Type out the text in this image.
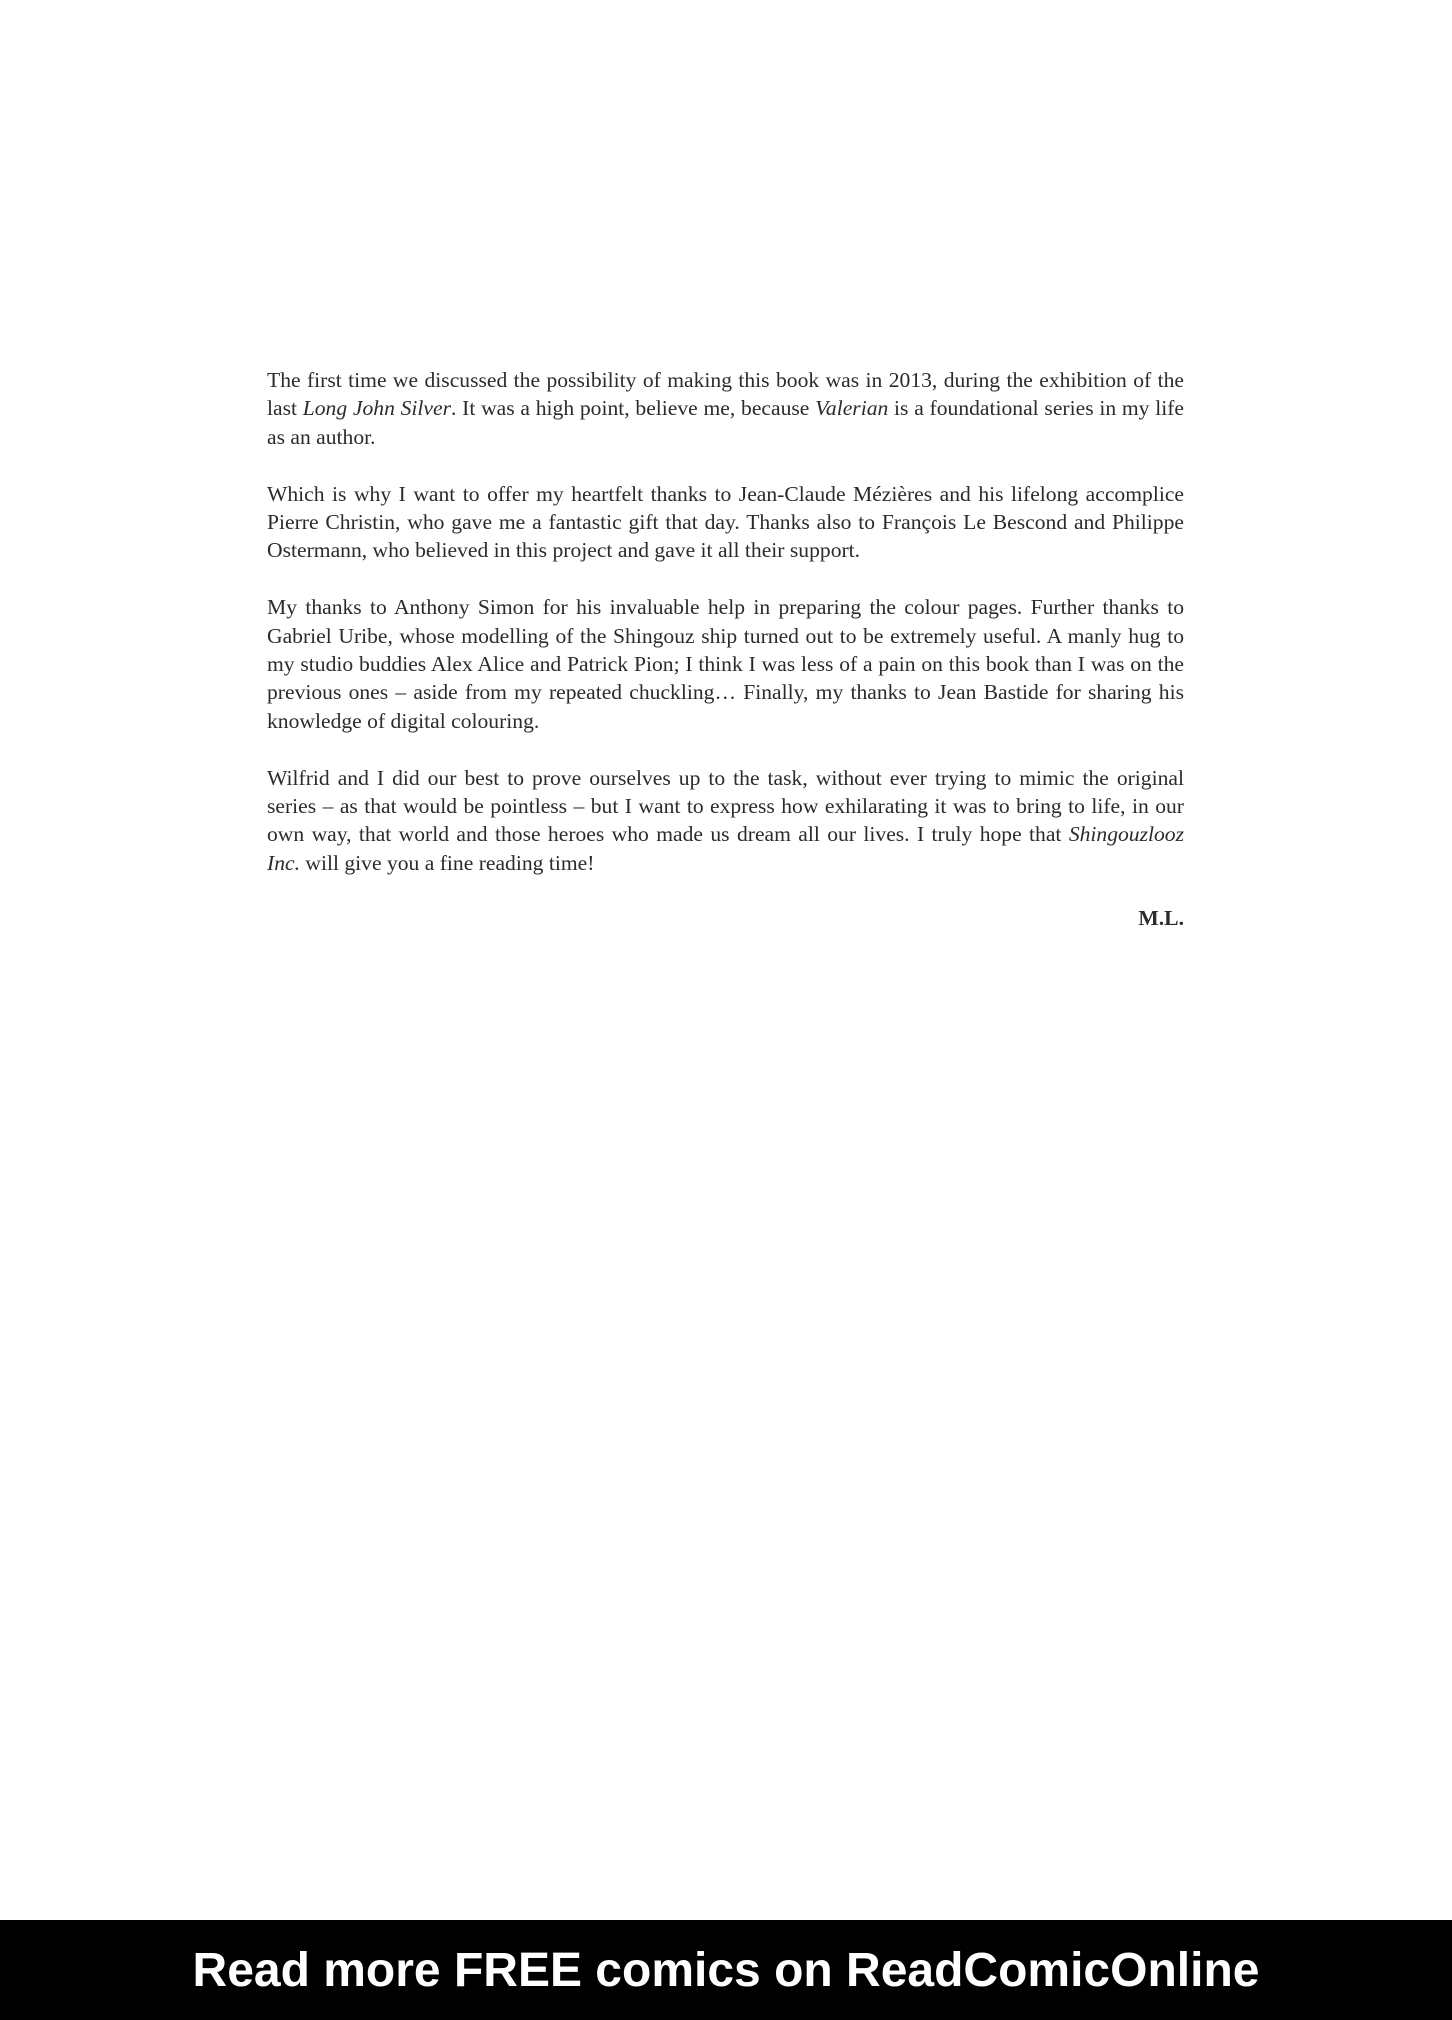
The first time we discussed the possibility of making this book was in 2013, during the exhibition of the last Long John Silver. It was a high point, believe me, because Valerian is a foundational series in my life as an author.

Which is why I want to offer my heartfelt thanks to Jean-Claude Mézières and his lifelong accomplice Pierre Christin, who gave me a fantastic gift that day. Thanks also to François Le Bescond and Philippe Ostermann, who believed in this project and gave it all their support.

My thanks to Anthony Simon for his invaluable help in preparing the colour pages. Further thanks to Gabriel Uribe, whose modelling of the Shingouz ship turned out to be extremely useful. A manly hug to my studio buddies Alex Alice and Patrick Pion; I think I was less of a pain on this book than I was on the previous ones – aside from my repeated chuckling… Finally, my thanks to Jean Bastide for sharing his knowledge of digital colouring.

Wilfrid and I did our best to prove ourselves up to the task, without ever trying to mimic the original series – as that would be pointless – but I want to express how exhilarating it was to bring to life, in our own way, that world and those heroes who made us dream all our lives. I truly hope that Shingouzlooz Inc. will give you a fine reading time!

M.L.
Read more FREE comics on ReadComicOnline
